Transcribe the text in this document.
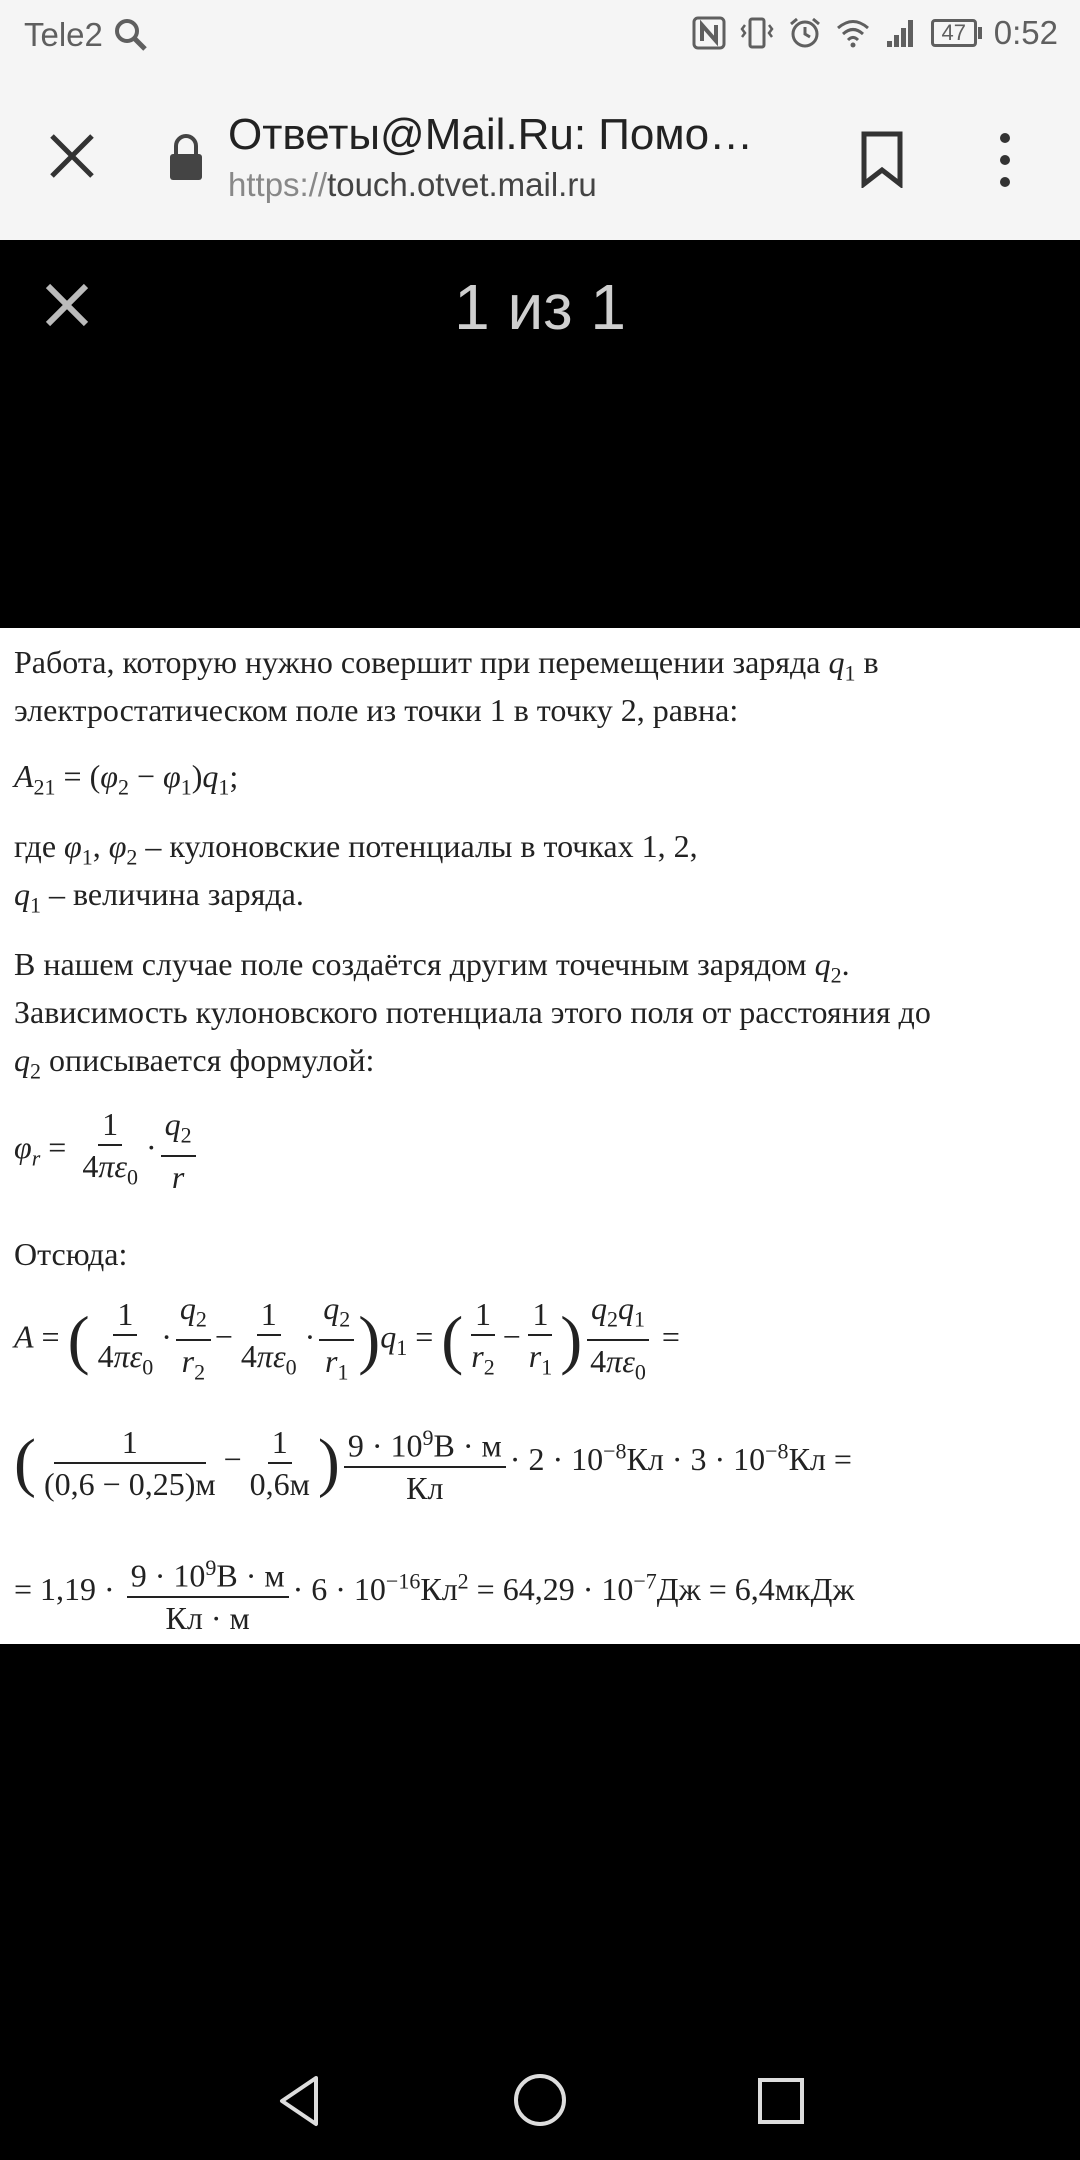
Tele2	47 0:52
Ответы@Mail.Ru: Помо…
https://touch.otvet.mail.ru
1 из 1
Работа, которую нужно совершит при перемещении заряда $q_1$ в
электростатическом поле из точки 1 в точку 2, равна:
$A_{21} = (\varphi_2 - \varphi_1)q_1$;
где $\varphi_1$, $\varphi_2$ – кулоновские потенциалы в точках 1, 2,
$q_1$ – величина заряда.
В нашем случае поле создаётся другим точечным зарядом $q_2$.
Зависимость кулоновского потенциала этого поля от расстояния до
$q_2$ описывается формулой:
$\varphi_r = \frac{1}{4\pi\varepsilon_0} \cdot \frac{q_2}{r}$
Отсюда:
A = ( $\frac{1}{4\pi\varepsilon_0} \cdot \frac{q_2}{r_2} - \frac{1}{4\pi\varepsilon_0} \cdot \frac{q_2}{r_1} )q_1$ = ( $\frac{1}{r_2} - \frac{1}{r_1}$ ) $\frac{q_2q_1}{4\pi\varepsilon_0}$ =
( $\frac{1}{(0,6 - 0,25)м} - \frac{1}{0,6м}$ ) $\frac{9 \cdot 10^9В \cdot м}{Кл} \cdot 2 \cdot 10^{-8}Кл \cdot 3 \cdot 10^{-8}Кл$ =
= $1,19 \cdot \frac{9 \cdot 10^9В \cdot м}{Кл \cdot м} \cdot 6 \cdot 10^{-16}Кл^2 = 64,29 \cdot 10^{-7}Дж$ = 6,4мкДж
